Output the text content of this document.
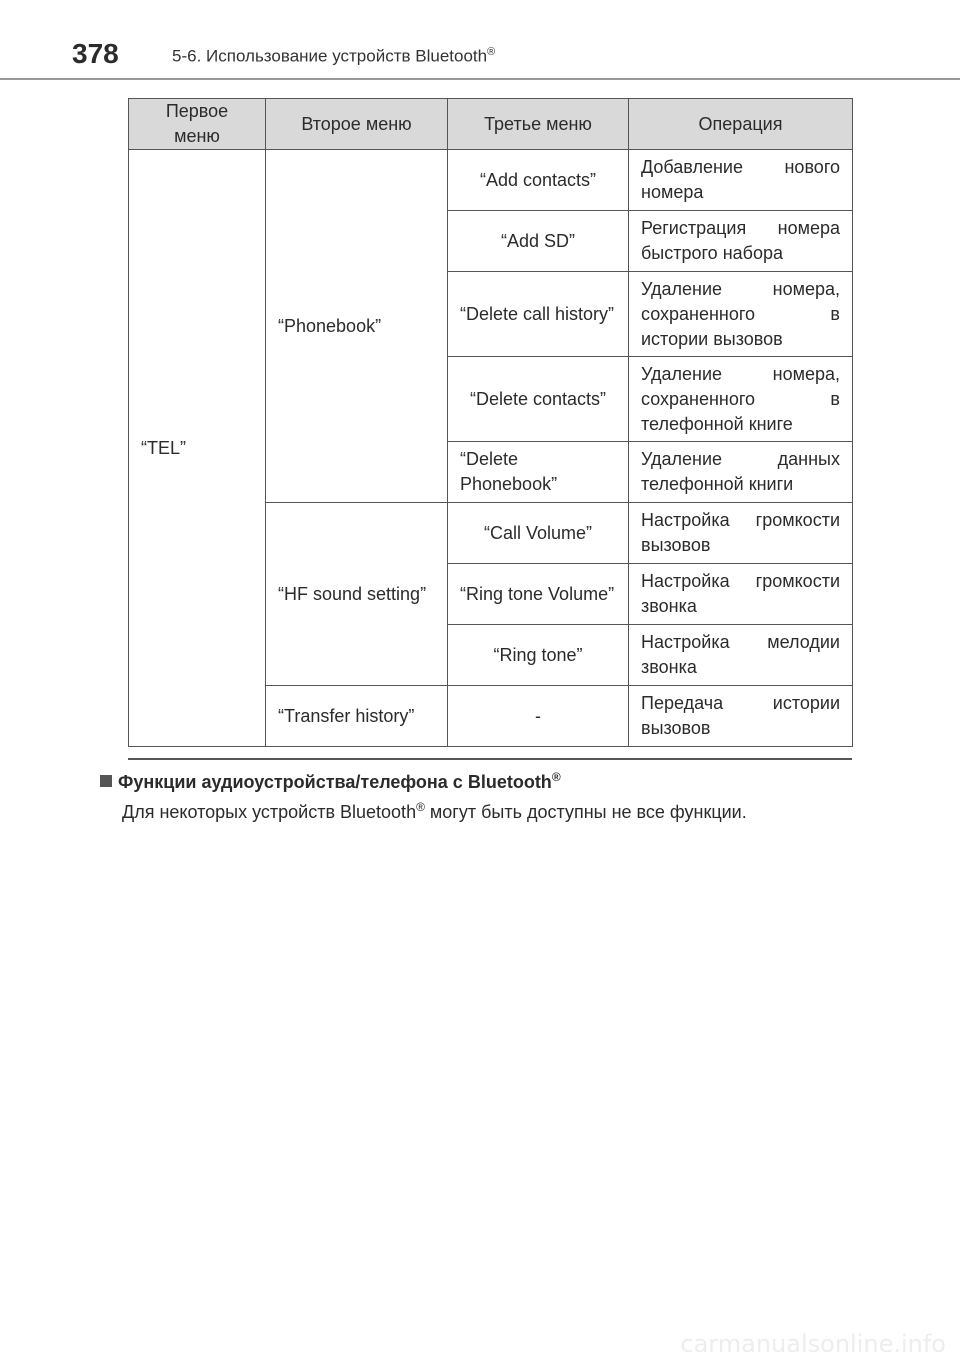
378	5-6. Использование устройств Bluetooth®
Первое меню	Второе меню	Третье меню	Операция
“TEL”	“Phonebook”	“Add contacts”	Добавление нового номера
		“Add SD”	Регистрация номера быстрого набора
		“Delete call history”	Удаление номера, сохраненного в истории вызовов
		“Delete contacts”	Удаление номера, сохраненного в телефонной книге
		“Delete Phonebook”	Удаление данных телефонной книги
	“HF sound setting”	“Call Volume”	Настройка громкости вызовов
		“Ring tone Volume”	Настройка громкости звонка
		“Ring tone”	Настройка мелодии звонка
	“Transfer history”	-	Передача истории вызовов
Функции аудиоустройства/телефона с Bluetooth®
Для некоторых устройств Bluetooth® могут быть доступны не все функции.
carmanualsonline.info
